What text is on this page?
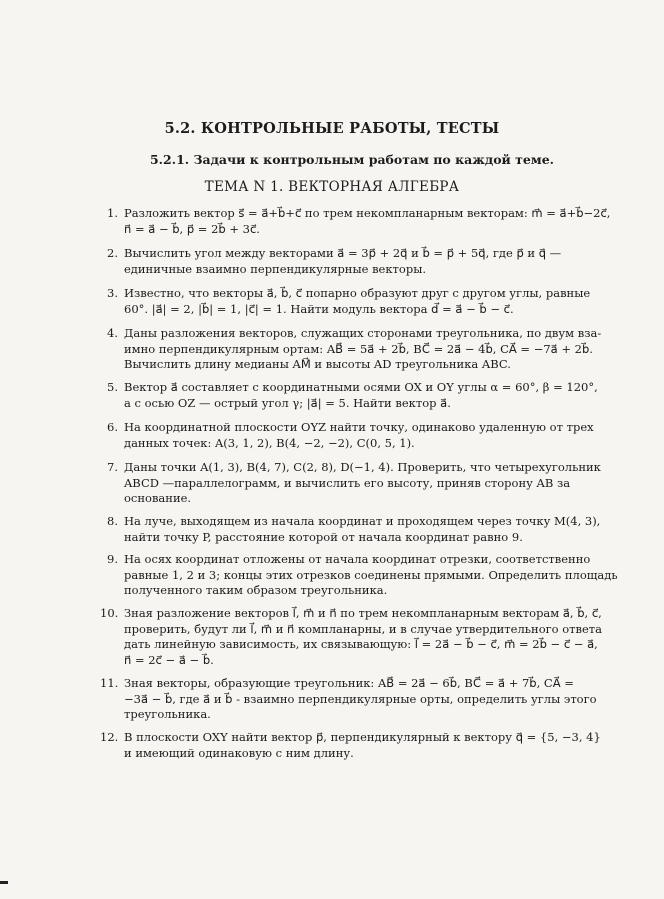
5.2. КОНТРОЛЬНЫЕ РАБОТЫ, ТЕСТЫ
5.2.1. Задачи к контрольным работам по каждой теме.
ТЕМА N 1. ВЕКТОРНАЯ АЛГЕБРА
1. Разложить вектор s⃗ = a⃗+b⃗+c⃗ по трем некомпланарным векторам: m⃗ = a⃗+b⃗−2c⃗,
n⃗ = a⃗ − b⃗, p⃗ = 2b⃗ + 3c⃗.
2. Вычислить угол между векторами a⃗ = 3p⃗ + 2q⃗ и b⃗ = p⃗ + 5q⃗, где p⃗ и q⃗ —
единичные взаимно перпендикулярные векторы.
3. Известно, что векторы a⃗, b⃗, c⃗ попарно образуют друг с другом углы, равные
60°. |a⃗| = 2, |b⃗| = 1, |c⃗| = 1. Найти модуль вектора d⃗ = a⃗ − b⃗ − c⃗.
4. Даны разложения векторов, служащих сторонами треугольника, по двум вза-
имно перпендикулярным ортам: AB⃗ = 5a⃗ + 2b⃗, BC⃗ = 2a⃗ − 4b⃗, CA⃗ = −7a⃗ + 2b⃗.
Вычислить длину медианы AM⃗ и высоты AD треугольника ABC.
5. Вектор a⃗ составляет с координатными осями OX и OY углы α = 60°, β = 120°,
а с осью OZ — острый угол γ; |a⃗| = 5. Найти вектор a⃗.
6. На координатной плоскости OYZ найти точку, одинаково удаленную от трех
данных точек: A(3, 1, 2), B(4, −2, −2), C(0, 5, 1).
7. Даны точки A(1, 3), B(4, 7), C(2, 8), D(−1, 4). Проверить, что четырехугольник
ABCD —параллелограмм, и вычислить его высоту, приняв сторону AB за
основание.
8. На луче, выходящем из начала координат и проходящем через точку M(4, 3),
найти точку P, расстояние которой от начала координат равно 9.
9. На осях координат отложены от начала координат отрезки, соответственно
равные 1, 2 и 3; концы этих отрезков соединены прямыми. Определить площадь
полученного таким образом треугольника.
10. Зная разложение векторов l⃗, m⃗ и n⃗ по трем некомпланарным векторам a⃗, b⃗, c⃗,
проверить, будут ли l⃗, m⃗ и n⃗ компланарны, и в случае утвердительного ответа
дать линейную зависимость, их связывающую: l⃗ = 2a⃗ − b⃗ − c⃗, m⃗ = 2b⃗ − c⃗ − a⃗,
n⃗ = 2c⃗ − a⃗ − b⃗.
11. Зная векторы, образующие треугольник: AB⃗ = 2a⃗ − 6b⃗, BC⃗ = a⃗ + 7b⃗, CA⃗ =
−3a⃗ − b⃗, где a⃗ и b⃗ - взаимно перпендикулярные орты, определить углы этого
треугольника.
12. В плоскости OXY найти вектор p⃗, перпендикулярный к вектору q⃗ = {5, −3, 4}
и имеющий одинаковую с ним длину.
